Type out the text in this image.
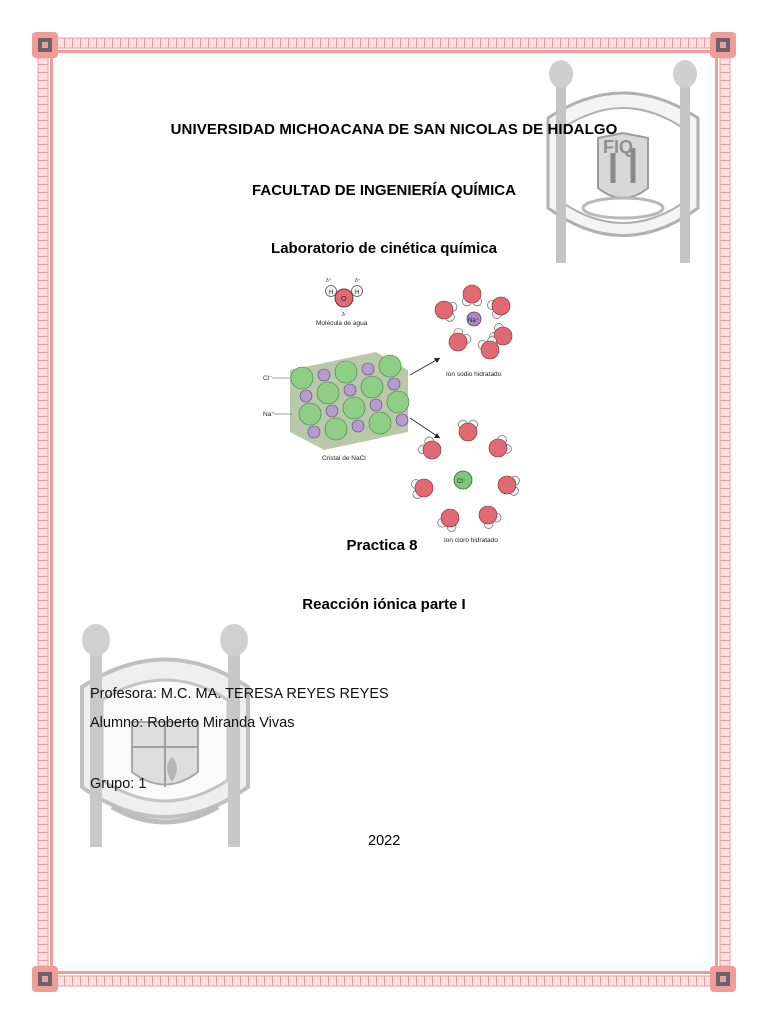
FIQ
UNIVERSIDAD MICHOACANA DE SAN NICOLAS DE HIDALGO
FACULTAD DE INGENIERÍA QUÍMICA
Laboratorio de cinética química
O
H	H
δ⁺	δ⁺
δ⁻
Molécula de agua
Cl⁻
Na⁺
Cristal de NaCl
Na⁺
Ion sodio hidratado
Cl⁻
Ion cloro hidratado
Practica 8
Reacción iónica parte I
Profesora: M.C. MA. TERESA REYES REYES
Alumno: Roberto Miranda Vivas
Grupo: 1
2022
